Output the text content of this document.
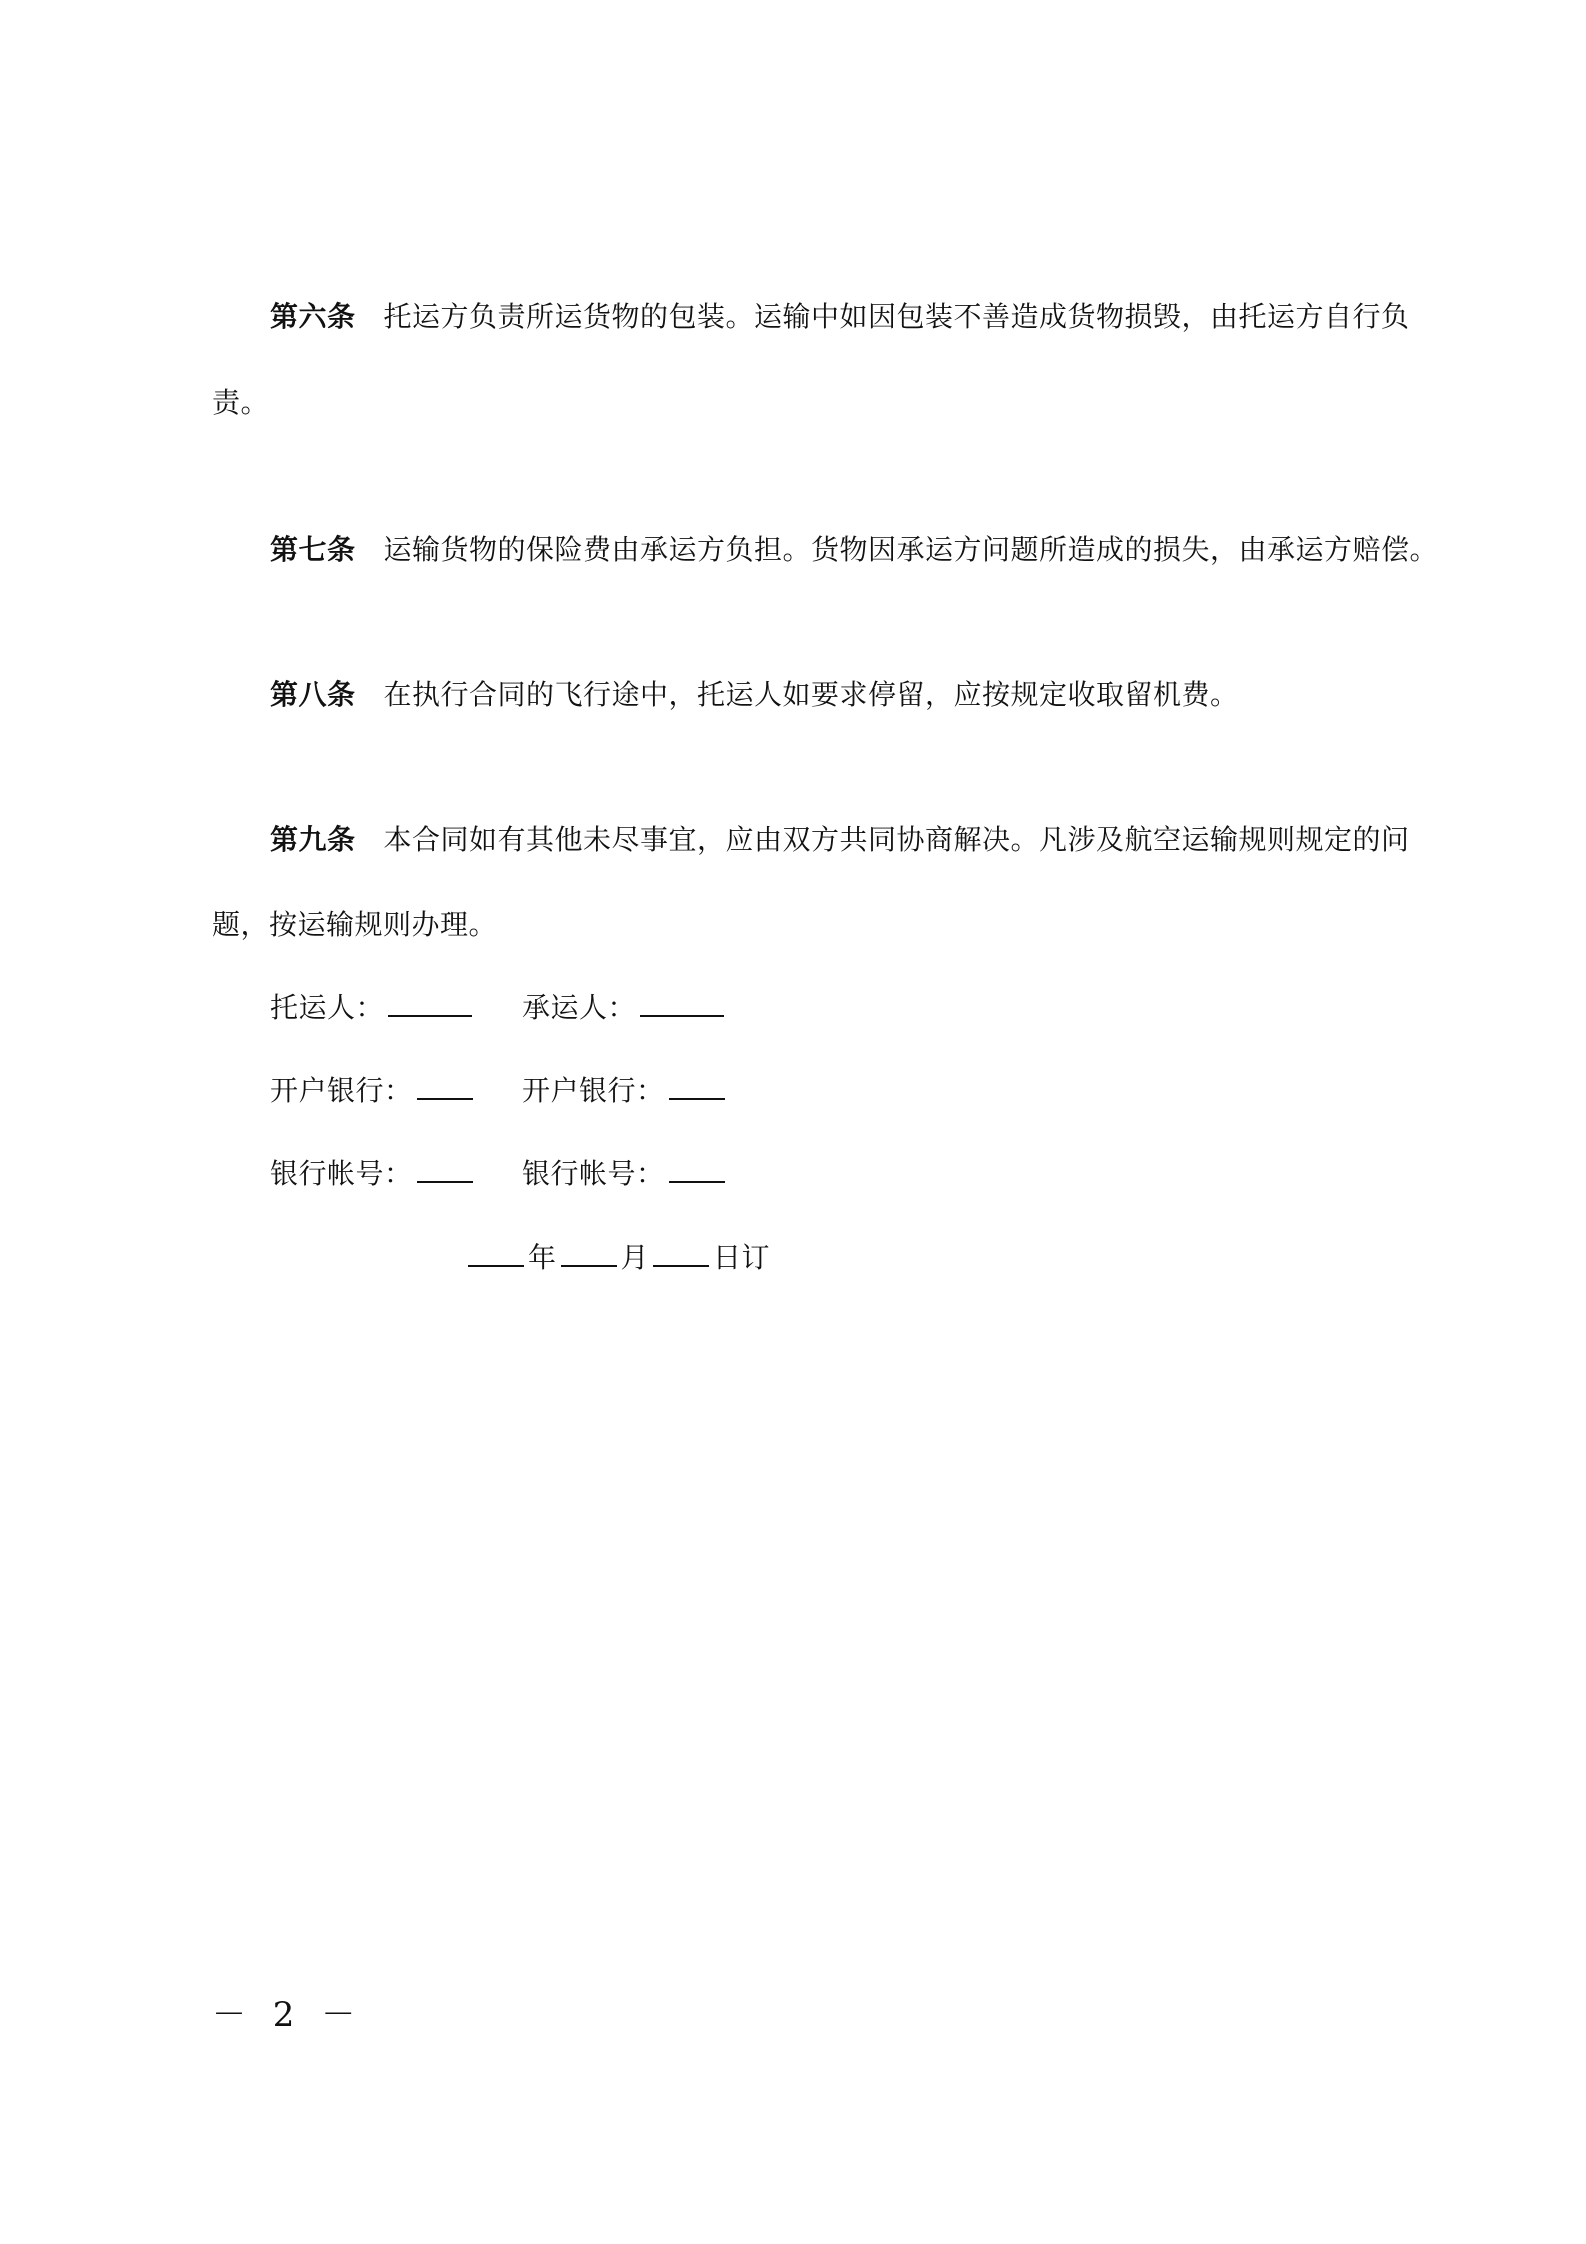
第六条 托运方负责所运货物的包装。运输中如因包装不善造成货物损毁，由托运方自行负
责。
第七条 运输货物的保险费由承运方负担。货物因承运方问题所造成的损失，由承运方赔偿。
第八条 在执行合同的飞行途中，托运人如要求停留，应按规定收取留机费。
第九条 本合同如有其他未尽事宜，应由双方共同协商解决。凡涉及航空运输规则规定的问
题，按运输规则办理。
托运人：	承运人：
开户银行：	开户银行：
银行帐号：	银行帐号：
年 月 日订
－ 2 －
